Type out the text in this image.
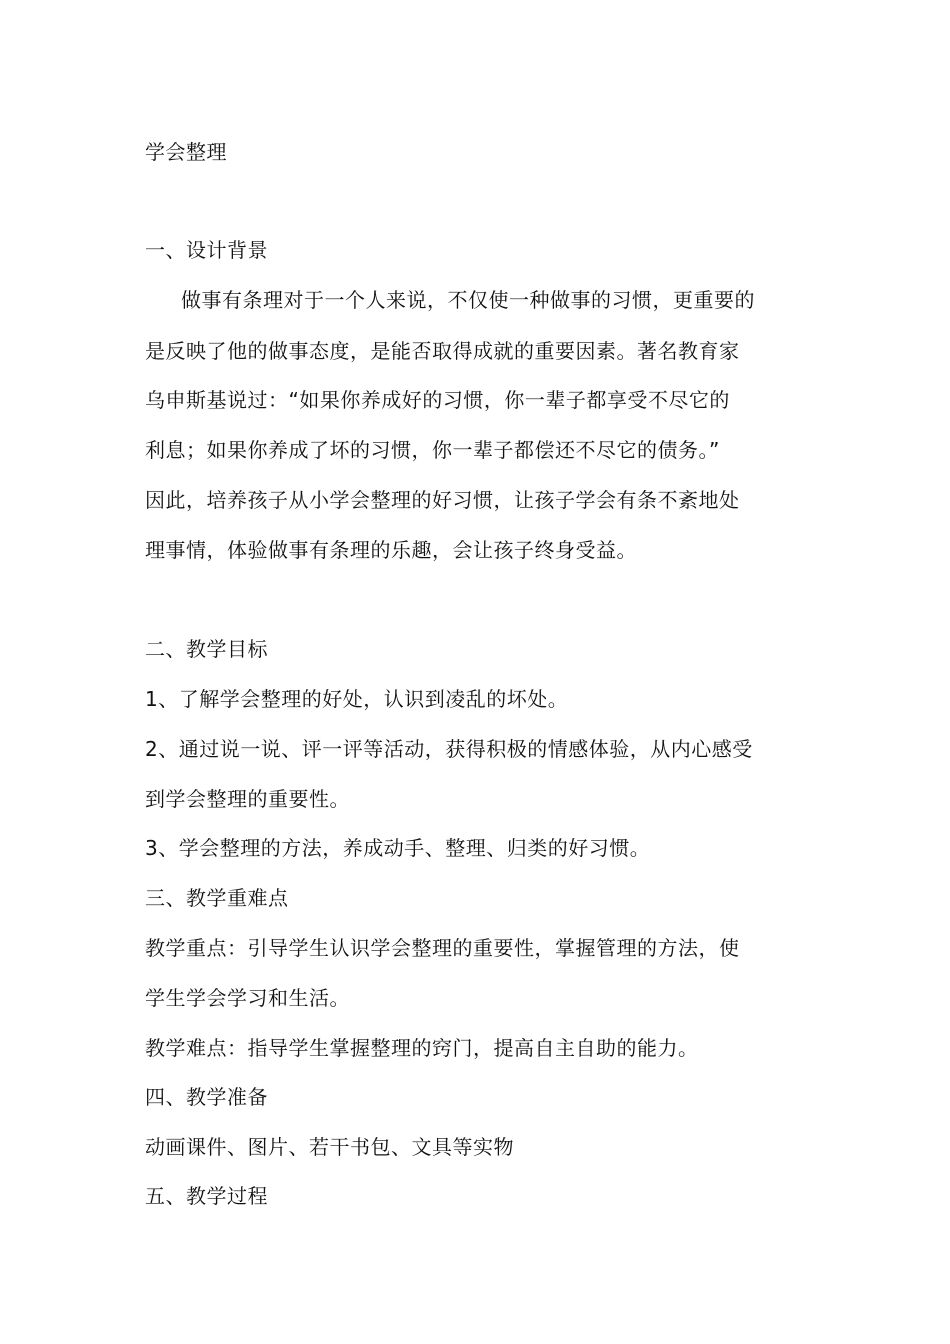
学会整理
一、设计背景
做事有条理对于一个人来说，不仅使一种做事的习惯，更重要的
是反映了他的做事态度，是能否取得成就的重要因素。著名教育家
乌申斯基说过：“如果你养成好的习惯，你一辈子都享受不尽它的
利息；如果你养成了坏的习惯，你一辈子都偿还不尽它的债务。”
因此，培养孩子从小学会整理的好习惯，让孩子学会有条不紊地处
理事情，体验做事有条理的乐趣，会让孩子终身受益。
二、教学目标
1、了解学会整理的好处，认识到凌乱的坏处。
2、通过说一说、评一评等活动，获得积极的情感体验，从内心感受
到学会整理的重要性。
3、学会整理的方法，养成动手、整理、归类的好习惯。
三、教学重难点
教学重点：引导学生认识学会整理的重要性，掌握管理的方法，使
学生学会学习和生活。
教学难点：指导学生掌握整理的窍门，提高自主自助的能力。
四、教学准备
动画课件、图片、若干书包、文具等实物
五、教学过程
